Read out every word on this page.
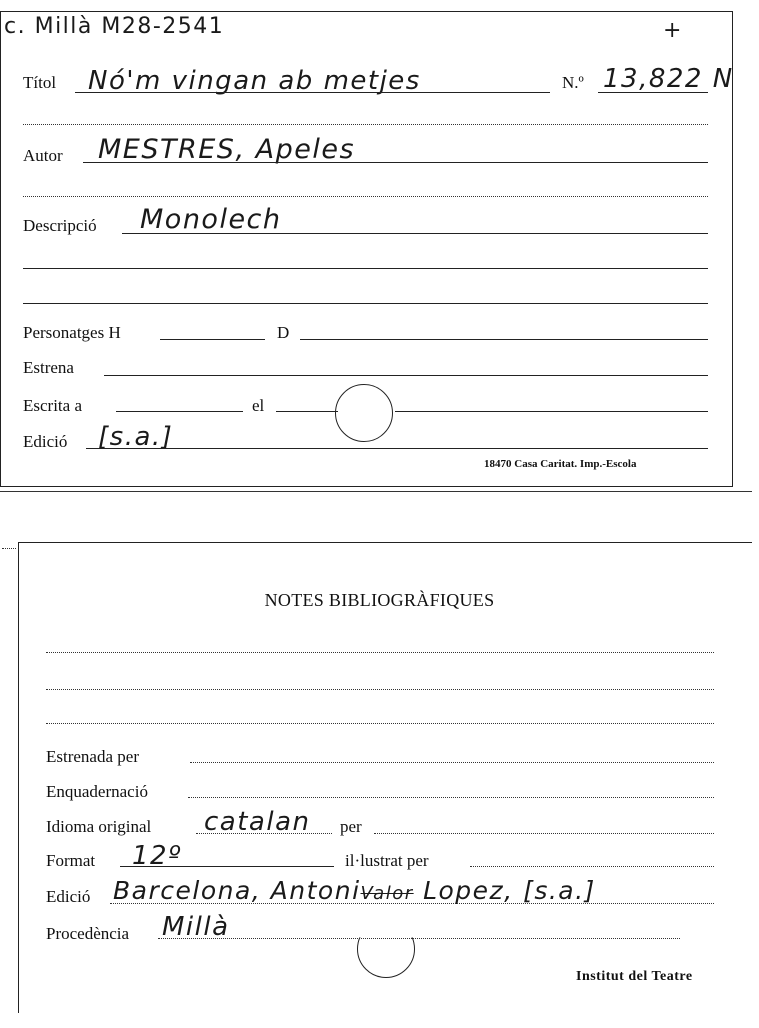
c. Millà M28-2541	+
Títol Nó'm vingan ab metjes	N.º 13,822 N
Autor MESTRES, Apeles
Descripció Monolech
Personatges H	D
Estrena
Escrita a	el
Edició [s.a.]
18470 Casa Caritat. Imp.-Escola
NOTES BIBLIOGRÀFIQUES
Estrenada per
Enquadernació
Idioma original catalan per
Format 12º	il·lustrat per
Edició Barcelona, AntoniValor Lopez, [s.a.]
Procedència Millà
Institut del Teatre
